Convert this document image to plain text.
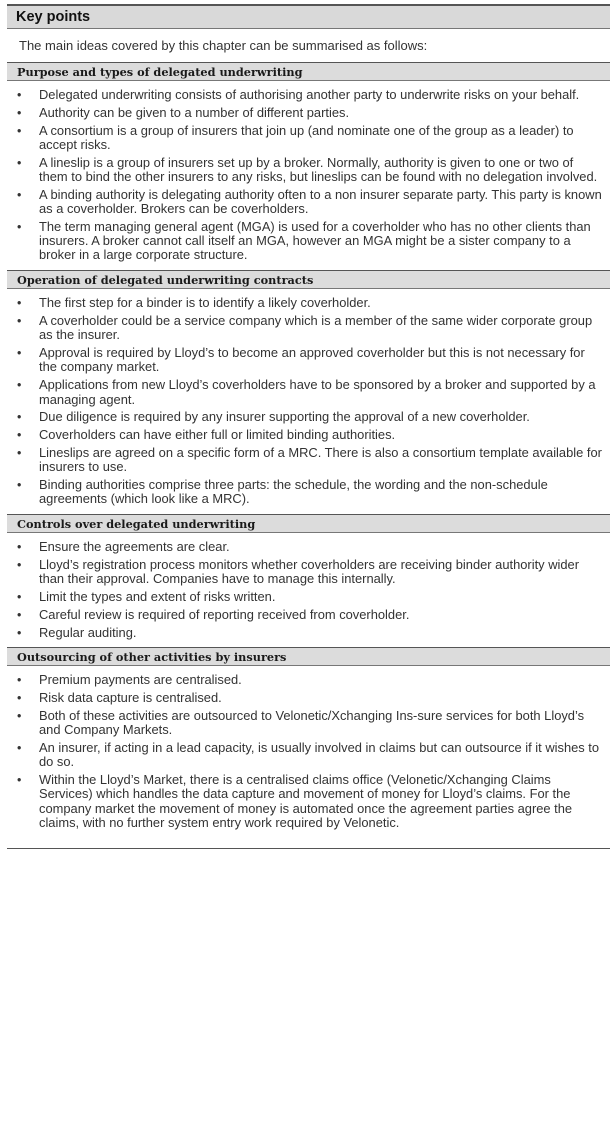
Key points
The main ideas covered by this chapter can be summarised as follows:
Purpose and types of delegated underwriting
• Delegated underwriting consists of authorising another party to underwrite risks on your behalf.
• Authority can be given to a number of different parties.
• A consortium is a group of insurers that join up (and nominate one of the group as a leader) to accept risks.
• A lineslip is a group of insurers set up by a broker. Normally, authority is given to one or two of them to bind the other insurers to any risks, but lineslips can be found with no delegation involved.
• A binding authority is delegating authority often to a non insurer separate party. This party is known as a coverholder. Brokers can be coverholders.
• The term managing general agent (MGA) is used for a coverholder who has no other clients than insurers. A broker cannot call itself an MGA, however an MGA might be a sister company to a broker in a large corporate structure.
Operation of delegated underwriting contracts
• The first step for a binder is to identify a likely coverholder.
• A coverholder could be a service company which is a member of the same wider corporate group as the insurer.
• Approval is required by Lloyd’s to become an approved coverholder but this is not necessary for the company market.
• Applications from new Lloyd’s coverholders have to be sponsored by a broker and supported by a managing agent.
• Due diligence is required by any insurer supporting the approval of a new coverholder.
• Coverholders can have either full or limited binding authorities.
• Lineslips are agreed on a specific form of a MRC. There is also a consortium template available for insurers to use.
• Binding authorities comprise three parts: the schedule, the wording and the non-schedule agreements (which look like a MRC).
Controls over delegated underwriting
• Ensure the agreements are clear.
• Lloyd’s registration process monitors whether coverholders are receiving binder authority wider than their approval. Companies have to manage this internally.
• Limit the types and extent of risks written.
• Careful review is required of reporting received from coverholder.
• Regular auditing.
Outsourcing of other activities by insurers
• Premium payments are centralised.
• Risk data capture is centralised.
• Both of these activities are outsourced to Velonetic/Xchanging Ins-sure services for both Lloyd’s and Company Markets.
• An insurer, if acting in a lead capacity, is usually involved in claims but can outsource if it wishes to do so.
• Within the Lloyd’s Market, there is a centralised claims office (Velonetic/Xchanging Claims Services) which handles the data capture and movement of money for Lloyd’s claims. For the company market the movement of money is automated once the agreement parties agree the claims, with no further system entry work required by Velonetic.
